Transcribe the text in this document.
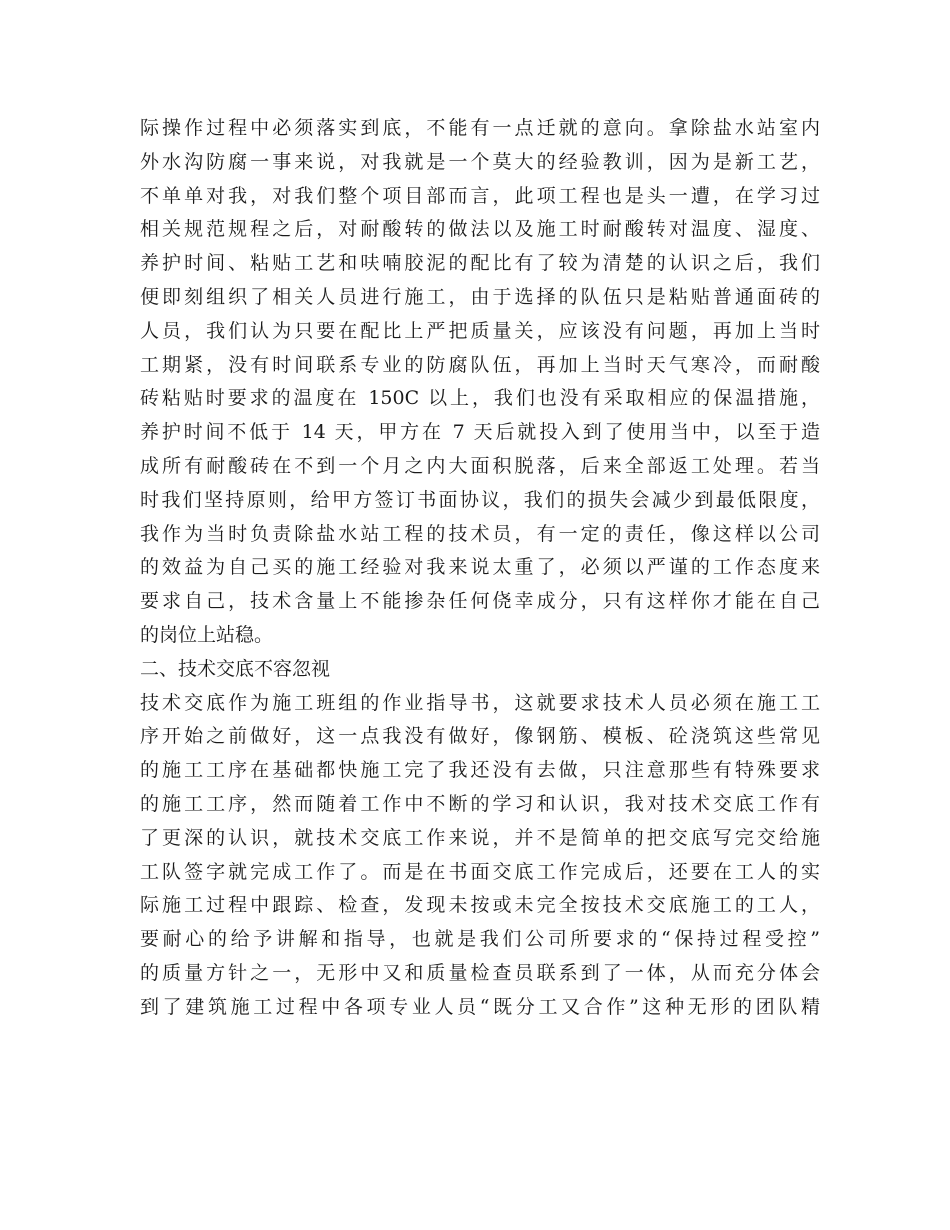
际操作过程中必须落实到底，不能有一点迁就的意向。拿除盐水站室内
外水沟防腐一事来说，对我就是一个莫大的经验教训，因为是新工艺，
不单单对我，对我们整个项目部而言，此项工程也是头一遭，在学习过
相关规范规程之后，对耐酸转的做法以及施工时耐酸转对温度、湿度、
养护时间、粘贴工艺和呋喃胶泥的配比有了较为清楚的认识之后，我们
便即刻组织了相关人员进行施工，由于选择的队伍只是粘贴普通面砖的
人员，我们认为只要在配比上严把质量关，应该没有问题，再加上当时
工期紧，没有时间联系专业的防腐队伍，再加上当时天气寒冷，而耐酸
砖粘贴时要求的温度在 150C 以上，我们也没有采取相应的保温措施，
养护时间不低于 14 天，甲方在 7 天后就投入到了使用当中，以至于造
成所有耐酸砖在不到一个月之内大面积脱落，后来全部返工处理。若当
时我们坚持原则，给甲方签订书面协议，我们的损失会减少到最低限度，
我作为当时负责除盐水站工程的技术员，有一定的责任，像这样以公司
的效益为自己买的施工经验对我来说太重了，必须以严谨的工作态度来
要求自己，技术含量上不能掺杂任何侥幸成分，只有这样你才能在自己
的岗位上站稳。
二、技术交底不容忽视
技术交底作为施工班组的作业指导书，这就要求技术人员必须在施工工
序开始之前做好，这一点我没有做好，像钢筋、模板、砼浇筑这些常见
的施工工序在基础都快施工完了我还没有去做，只注意那些有特殊要求
的施工工序，然而随着工作中不断的学习和认识，我对技术交底工作有
了更深的认识，就技术交底工作来说，并不是简单的把交底写完交给施
工队签字就完成工作了。而是在书面交底工作完成后，还要在工人的实
际施工过程中跟踪、检查，发现未按或未完全按技术交底施工的工人，
要耐心的给予讲解和指导，也就是我们公司所要求的“保持过程受控”
的质量方针之一，无形中又和质量检查员联系到了一体，从而充分体会
到了建筑施工过程中各项专业人员“既分工又合作”这种无形的团队精
